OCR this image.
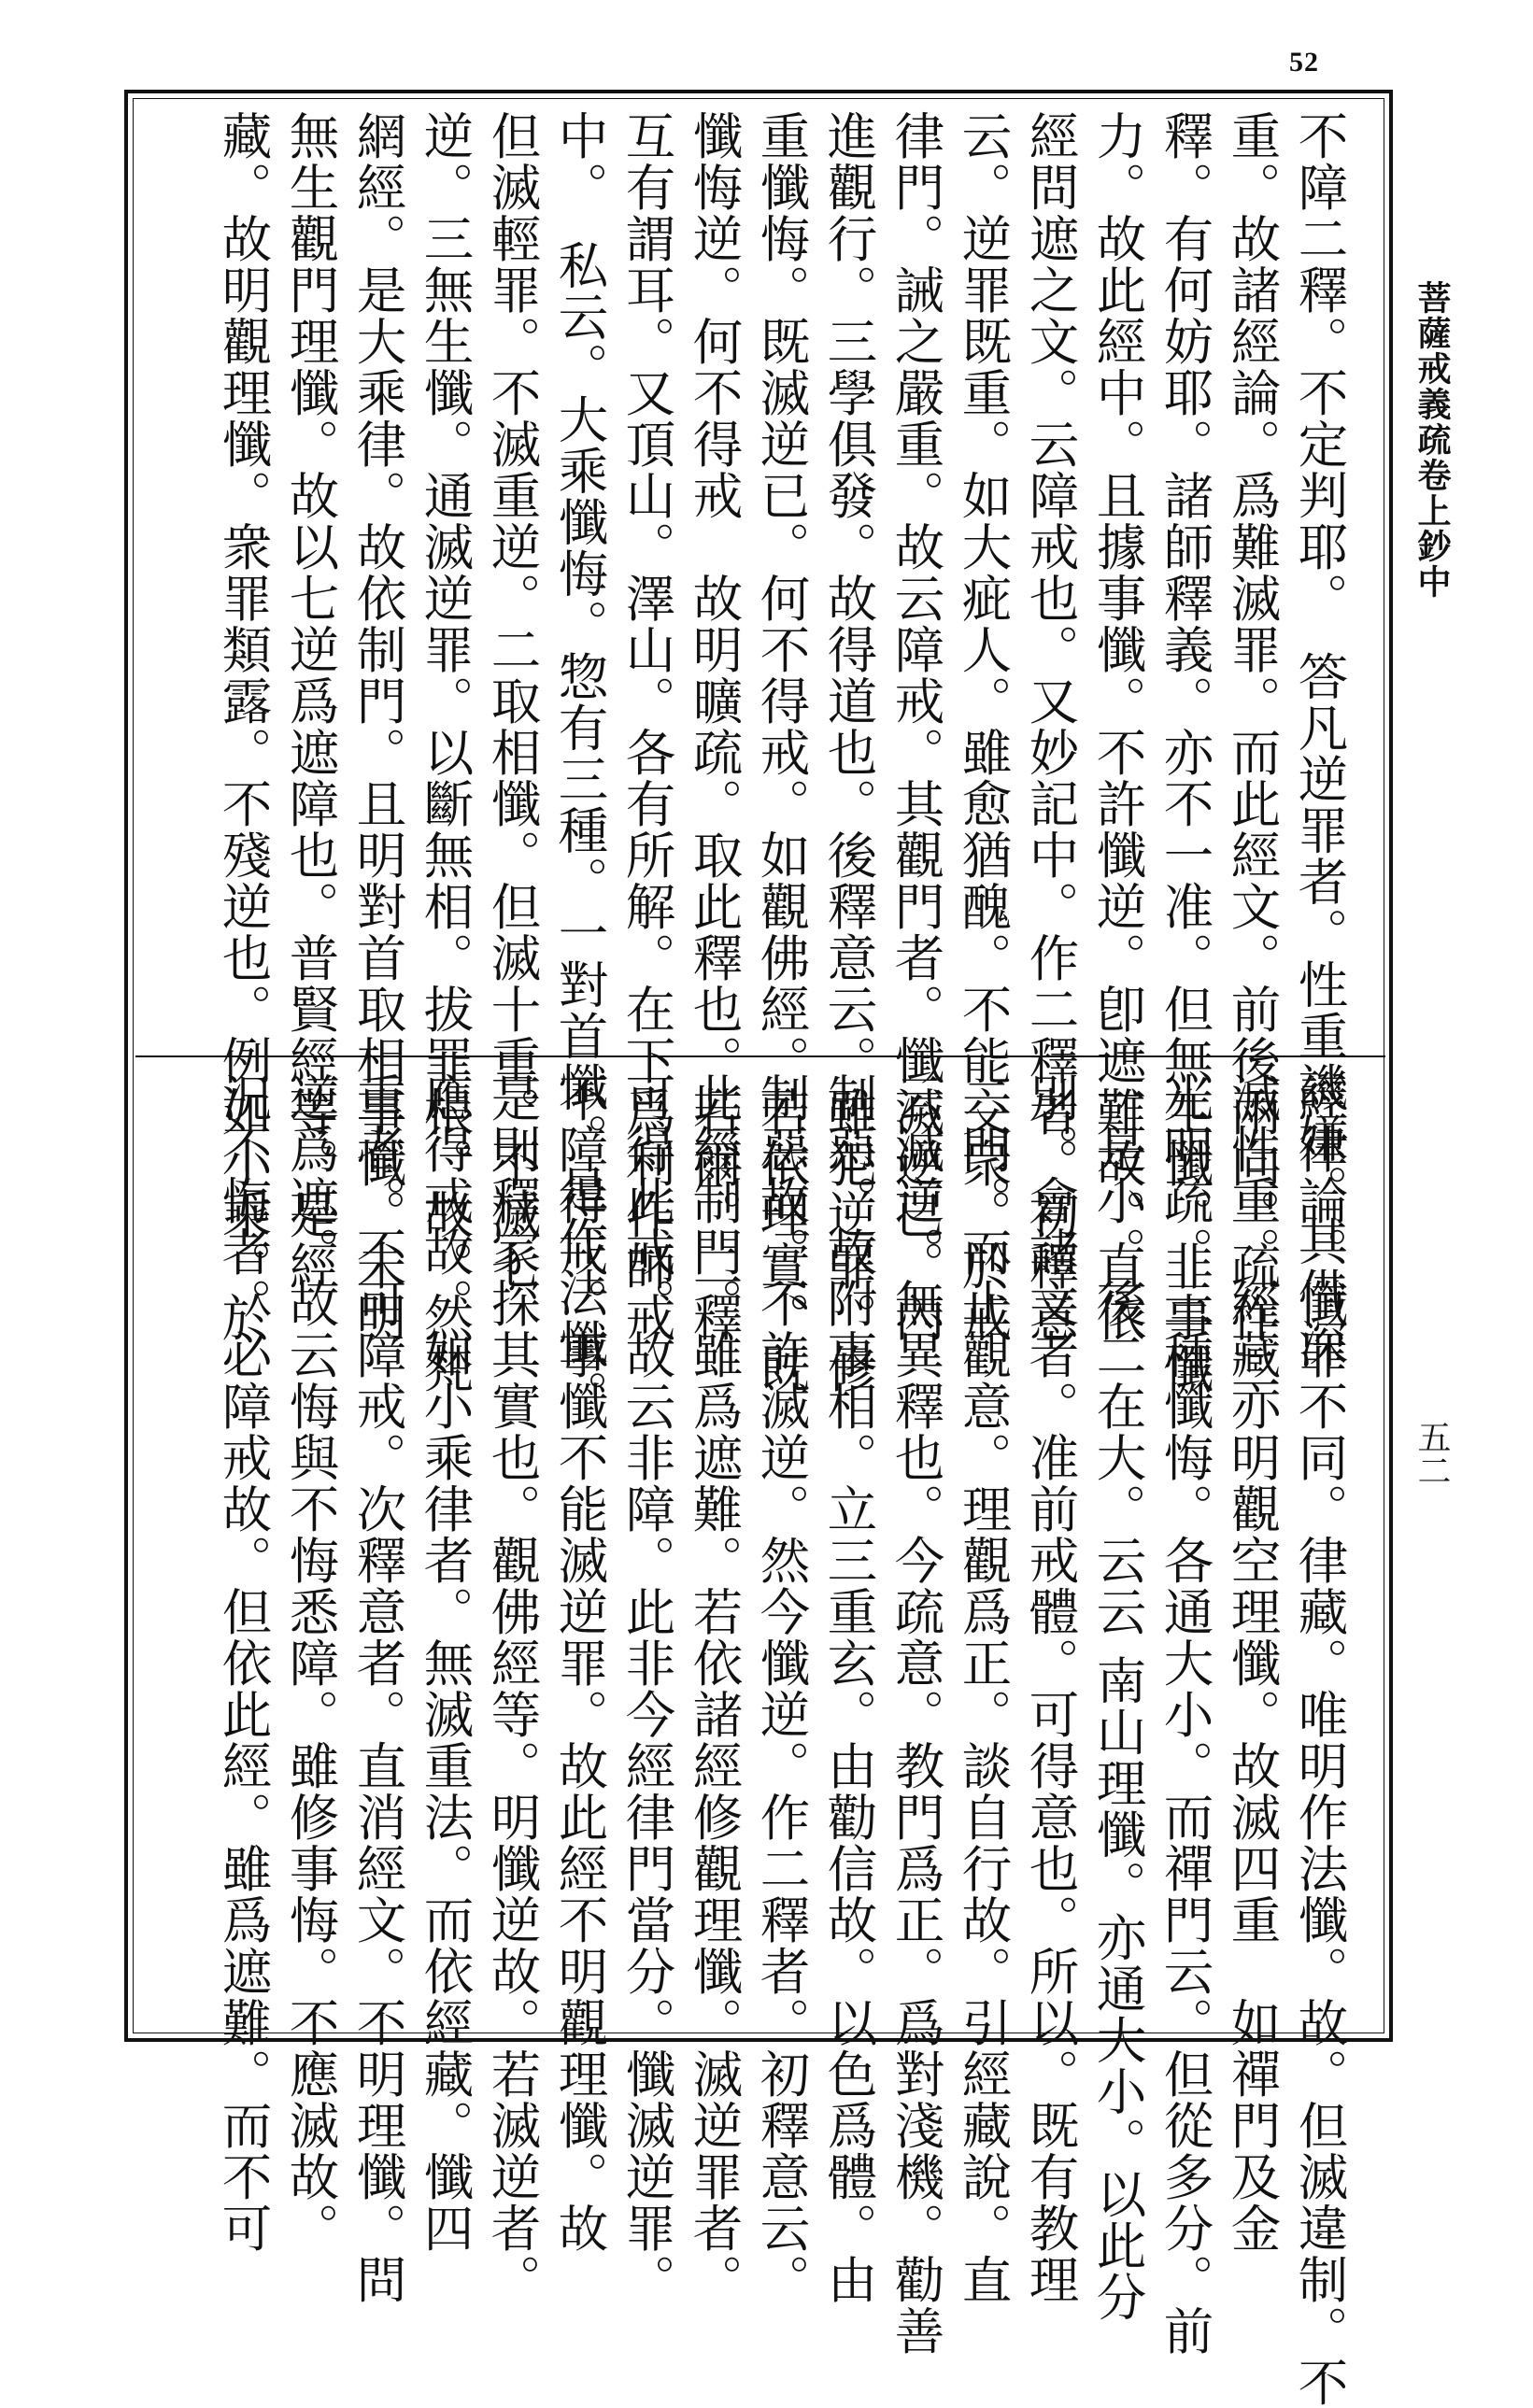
52
菩薩戒義疏卷上鈔中
五二
不障二釋。不定判耶。　答凡逆罪者。性重譏嫌。其借深
重。故諸經論。爲難滅罪。而此經文。前後兩向。疏作二
釋。有何妨耶。諸師釋義。亦不一准。但無生懺。非事懺
力。故此經中。且據事懺。不許懺逆。卽遮難故。直依
經問遮之文。云障戒也。又妙記中。作二釋者。初釋意
云。逆罪既重。如大疵人。雖愈猶醜。不能交衆。於戒
律門。誡之嚴重。故云障戒。其觀門者。懺滅逆已。內
進觀行。三學俱發。故得道也。後釋意云。雖犯逆罪。修
重懺悔。既滅逆已。何不得戒。如觀佛經。若依理實。既
懺悔逆。何不得戒　故明曠疏。取此釋也。若爾。二釋
互有謂耳。又頂山。澤山。各有所解。在下爲利作師戒
中。　私云。大乘懺悔。惣有三種。一對首懺。是作法懺。
但滅輕罪。不滅重逆。二取相懺。但滅十重。不滅七
逆。三無生懺。通滅逆罪。以斷無相。拔罪根。故。然梵
網經。是大乘律。故依制門。且明對首取相事懺。未明
無生觀門理懺。故以七逆爲遮障也。普賢經等。是經
藏。故明觀理懺。衆罪類露。不殘逆也。例如小乘。於
經律論。懺罪不同。律藏。唯明作法懺。故。但滅違制。不
滅性重。經藏亦明觀空理懺。故滅四重　如禪門及金
光明疏。三種懺悔。各通大小。而禪門云。但從多分。前
一是小。後二在大。云云 南山理懺。亦通大小。以此分
別。會諸文者。准前戒體。可得意也。所以。既有教理
二門。而止觀意。理觀爲正。談自行故。引經藏說。直
云滅逆。無異釋也。今疏意。教門爲正。爲對淺機。勸善
制惡。故附事相。立三重玄。由勸信故。以色爲體。由
制惡故。不許滅逆。然今懺逆。作二釋者。初釋意云。
此經制門。雖爲遮難。若依諸經修觀理懺。滅逆罪者。
可得此戒。故云非障。此非今經律門當分。懺滅逆罪。
不障得戒。事懺不能滅逆罪。故此經不明觀理懺。故
是則釋家探其實也。觀佛經等。明懺逆故。若滅逆者。
應得戒故。如小乘律者。無滅重法。而依經藏。懺四
重者。不可障戒。次釋意者。直消經文。不明理懺。問
逆爲遮。故云悔與不悔悉障。雖修事悔。不應滅故。
況不悔者。必障戒故。但依此經。雖爲遮難。而不可
